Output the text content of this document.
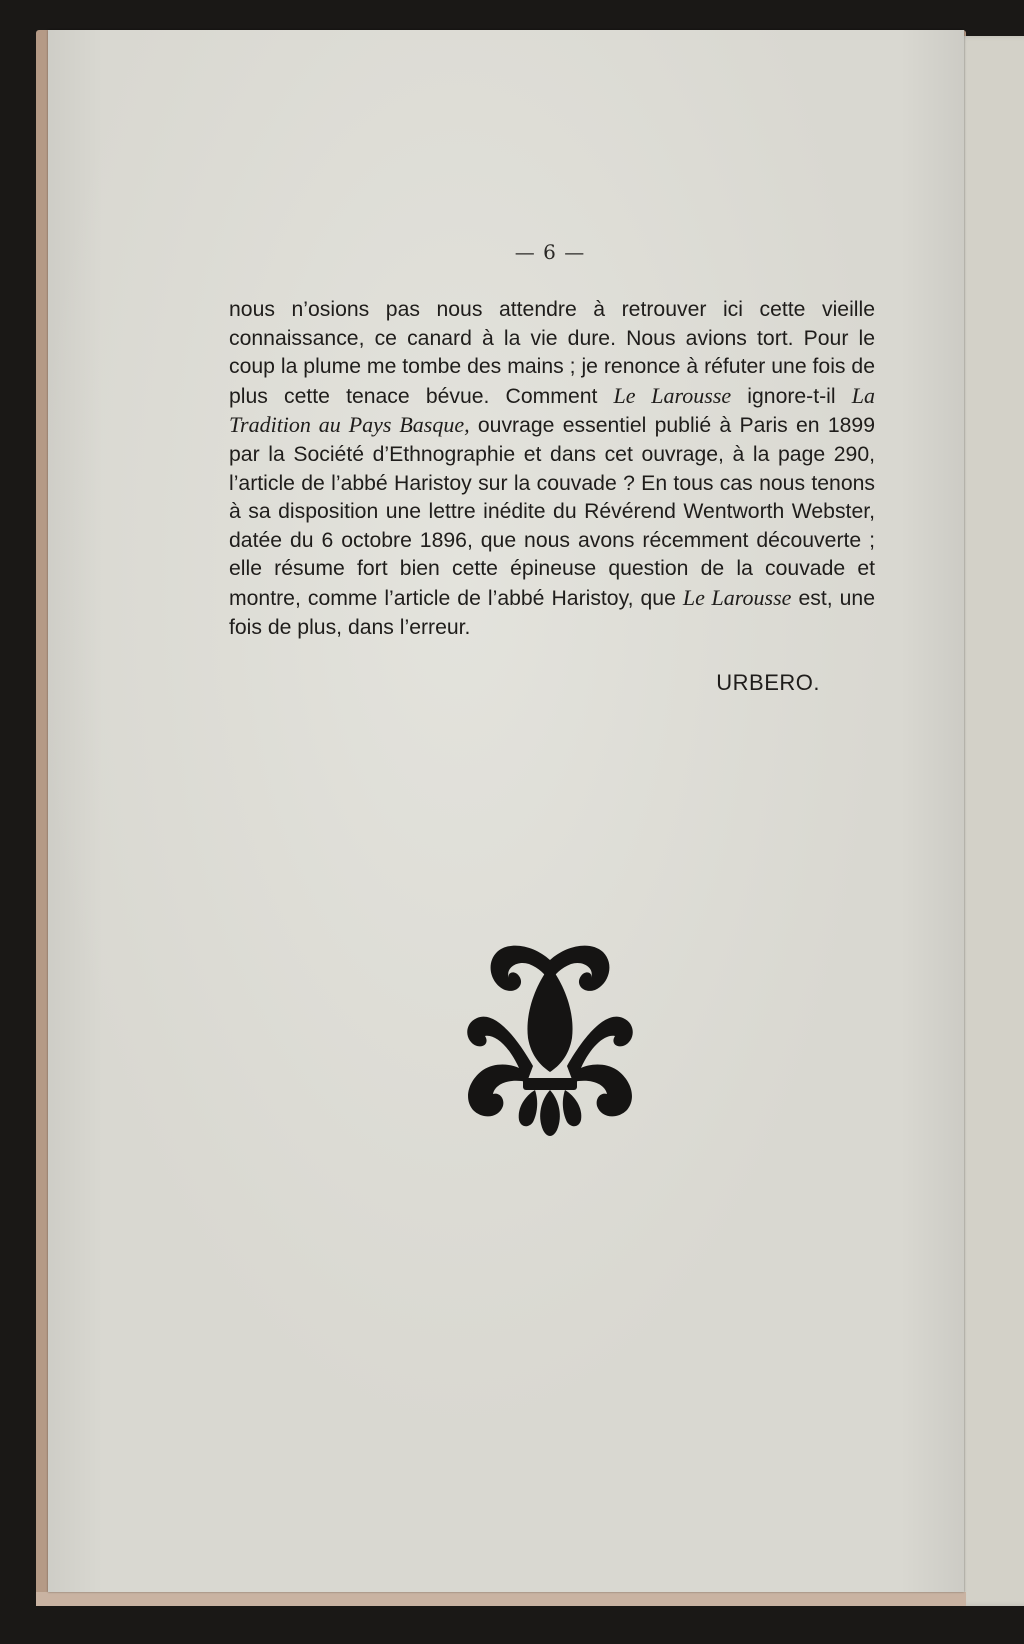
— 6 —
nous n’osions pas nous attendre à retrouver ici cette vieille connaissance, ce canard à la vie dure. Nous avions tort. Pour le coup la plume me tombe des mains ; je renonce à réfuter une fois de plus cette tenace bévue. Comment Le Larousse ignore-t-il La Tradition au Pays Basque, ouvrage essentiel publié à Paris en 1899 par la Société d’Ethnographie et dans cet ouvrage, à la page 290, l’article de l’abbé Haristoy sur la couvade ? En tous cas nous tenons à sa disposition une lettre inédite du Révérend Wentworth Webster, datée du 6 octobre 1896, que nous avons récemment découverte ; elle résume fort bien cette épineuse question de la couvade et montre, comme l’article de l’abbé Haristoy, que Le Larousse est, une fois de plus, dans l’erreur.
URBERO.
